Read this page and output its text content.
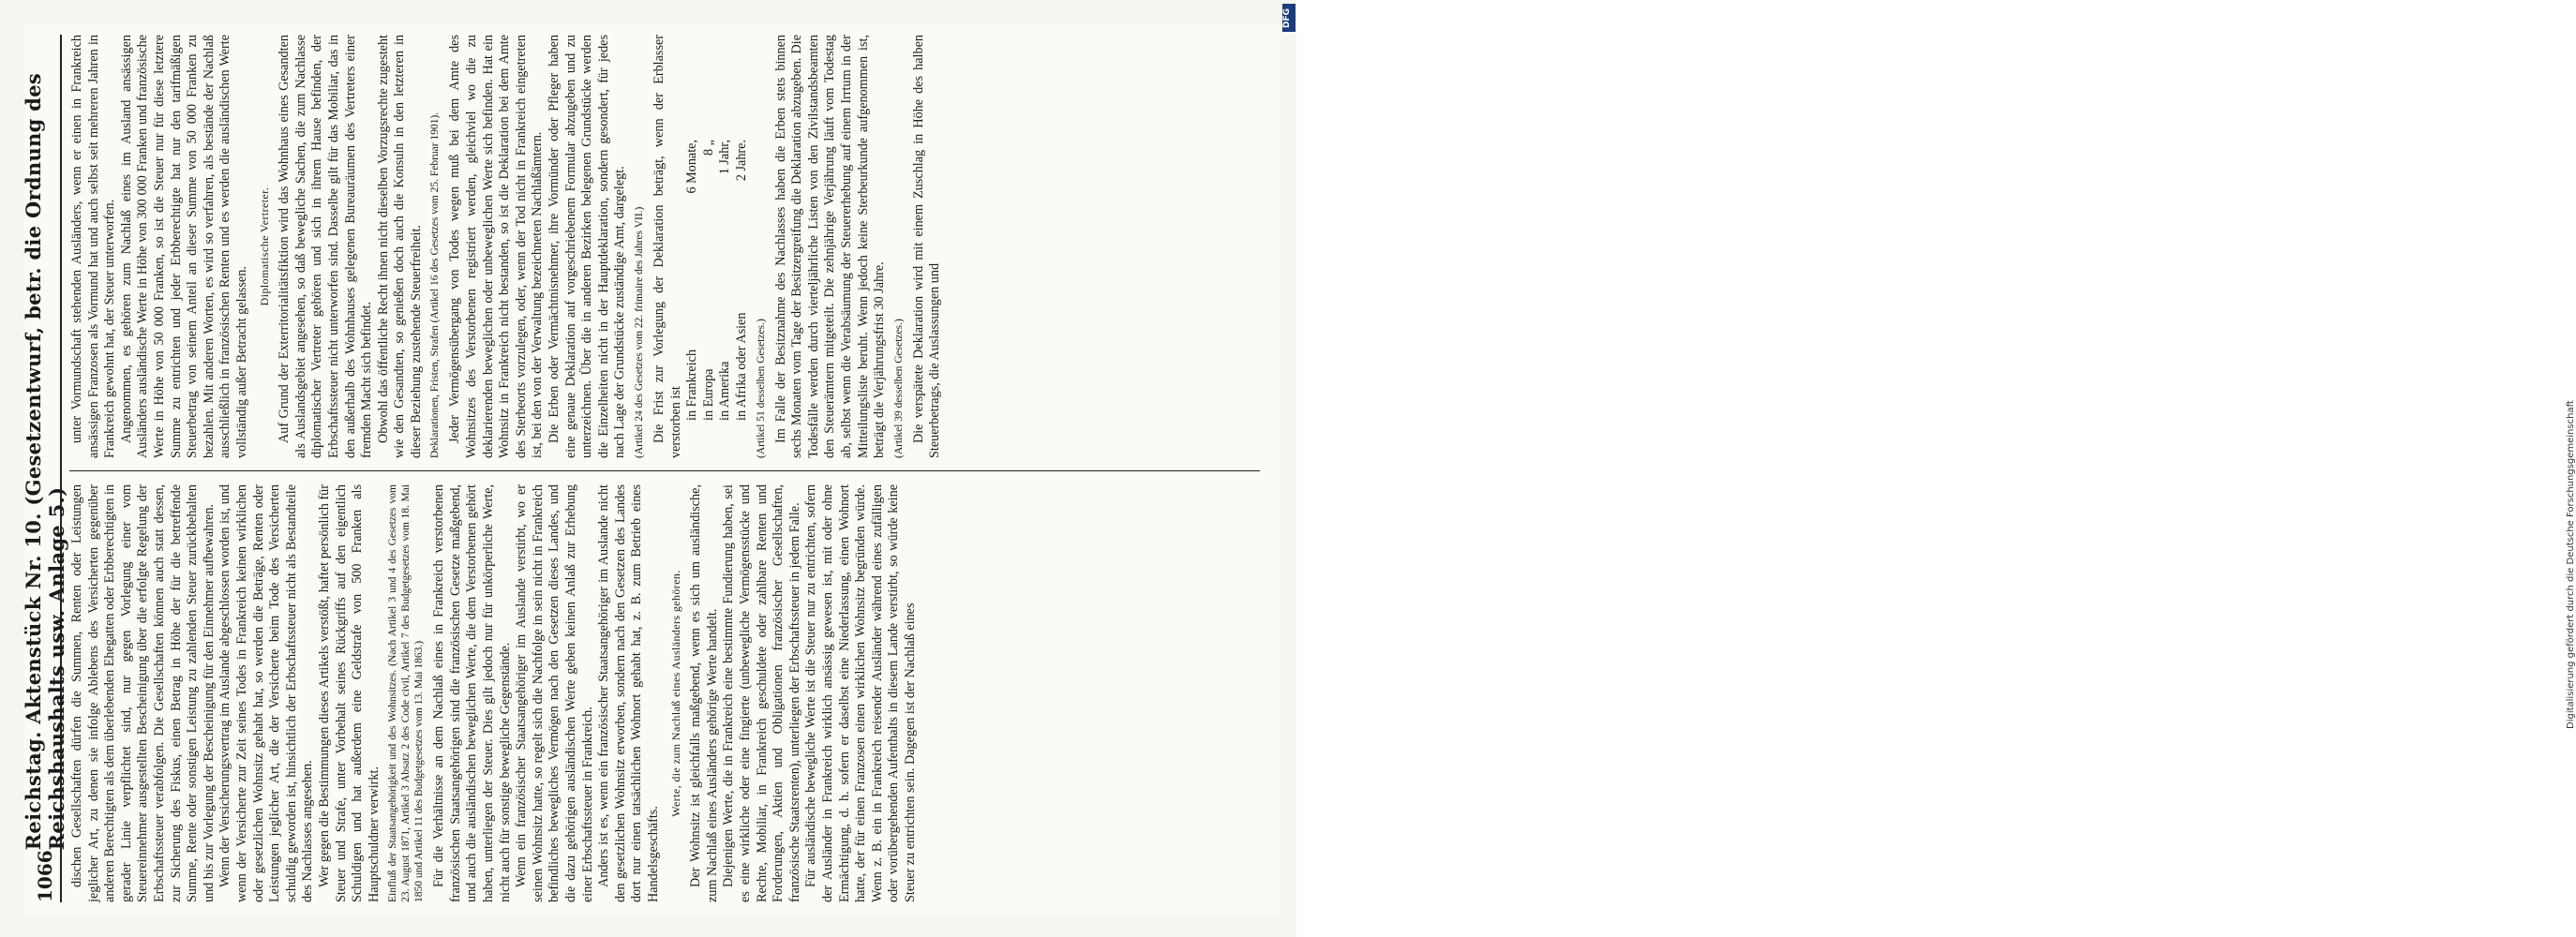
1066
Reichstag. Aktenstück Nr. 10. (Gesetzentwurf, betr. die Ordnung des Reichshaushalts usw. Anlage 5.) dischen Gesellschaften dürfen die Summen, Renten oder Leistungen jeglicher Art, zu denen sie infolge Ablebens des Versicherten gegenüber anderen Berechtigten als dem überlebenden Ehegatten oder Erbberechtigten in gerader Linie verpflichtet sind, nur gegen Vorlegung einer vom Steuereinnehmer ausgestellten Bescheinigung über die erfolgte Regelung der Erbschaftssteuer verabfolgen. Die Gesellschaften können auch statt dessen, zur Sicherung des Fiskus, einen Betrag in Höhe der für die betreffende Summe, Rente oder sonstigen Leistung zu zahlenden Steuer zurückbehalten und bis zur Vorlegung der Bescheinigung für den Einnehmer aufbewahren. Wenn der Versicherungsvertrag im Auslande abgeschlossen worden ist, und wenn der Versicherte zur Zeit seines Todes in Frankreich keinen wirklichen oder gesetzlichen Wohnsitz gehabt hat, so werden die Beträge, Renten oder Leistungen jeglicher Art, die der Versicherte beim Tode des Versicherten schuldig geworden ist, hinsichtlich der Erbschaftssteuer nicht als Bestandteile des Nachlasses angesehen. Wer gegen die Bestimmungen dieses Artikels verstößt, haftet persönlich für Steuer und Strafe, unter Vorbehalt seines Rückgriffs auf den eigentlich Schuldigen und hat außerdem eine Geldstrafe von 500 Franken als Hauptschuldner verwirkt. Einfluß der Staatsangehörigkeit und des Wohnsitzes. (Nach Artikel 3 und 4 des Gesetzes vom 23. August 1871, Artikel 3 Absatz 2 des Code civil, Artikel 7 des Budgetgesetzes vom 18. Mai 1850 und Artikel 11 des Budgetgesetzes vom 13. Mai 1863.) Für die Verhältnisse an dem Nachlaß eines in Frankreich verstorbenen französischen Staatsangehörigen sind die französischen Gesetze maßgebend, und auch die ausländischen beweglichen Werte, die dem Verstorbenen gehört haben, unterliegen der Steuer. Dies gilt jedoch nur für unkörperliche Werte, nicht auch für sonstige bewegliche Gegenstände. Wenn ein französischer Staatsangehöriger im Auslande verstirbt, wo er seinen Wohnsitz hatte, so regelt sich die Nachfolge in sein nicht in Frankreich befindliches bewegliches Vermögen nach den Gesetzen dieses Landes, und die dazu gehörigen ausländischen Werte geben keinen Anlaß zur Erhebung einer Erbschaftssteuer in Frankreich. Anders ist es, wenn ein französischer Staatsangehöriger im Auslande nicht den gesetzlichen Wohnsitz erworben, sondern nach den Gesetzen des Landes dort nur einen tatsächlichen Wohnort gehabt hat, z. B. zum Betrieb eines Handelsgeschäfts.

Werte, die zum Nachlaß eines Ausländers gehören. Der Wohnsitz ist gleichfalls maßgebend, wenn es sich um ausländische, zum Nachlaß eines Ausländers gehörige Werte handelt. Diejenigen Werte, die in Frankreich eine bestimmte Fundierung haben, sei es eine wirkliche oder eine fingierte (unbewegliche Vermögensstücke und Rechte, Mobiliar, in Frankreich geschuldete oder zahlbare Renten und Forderungen, Aktien und Obligationen französischer Gesellschaften, französische Staatsrenten), unterliegen der Erbschaftssteuer in jedem Falle. Für ausländische bewegliche Werte ist die Steuer nur zu entrichten, sofern der Ausländer in Frankreich wirklich ansässig gewesen ist, mit oder ohne Ermächtigung, d. h. sofern er daselbst eine Niederlassung, einen Wohnort hatte, der für einen Franzosen einen wirklichen Wohnsitz begründen würde. Wenn z. B. ein in Frankreich reisender Ausländer während eines zufälligen oder vorübergehenden Aufenthalts in diesem Lande verstirbt, so würde keine Steuer zu entrichten sein. Dagegen ist der Nachlaß eines

unter Vormundschaft stehenden Ausländers, wenn er einen in Frankreich ansässigen Franzosen als Vormund hat und auch selbst seit mehreren Jahren in Frankreich gewohnt hat, der Steuer unterworfen. Angenommen, es gehören zum Nachlaß eines im Ausland ansässigen Ausländers ausländische Werte in Höhe von 300 000 Franken und französische Werte in Höhe von 50 000 Franken, so ist die Steuer nur für diese letztere Summe zu entrichten und jeder Erbberechtigte hat nur den tarifmäßigen Steuerbetrag von seinem Anteil an dieser Summe von 50 000 Franken zu bezahlen. Mit anderen Worten, es wird so verfahren, als bestände der Nachlaß ausschließlich in französischen Renten und es werden die ausländischen Werte vollständig außer Betracht gelassen.

Diplomatische Vertreter. Auf Grund der Exterritorialitätsfiktion wird das Wohnhaus eines Gesandten als Auslandsgebiet angesehen, so daß bewegliche Sachen, die zum Nachlasse diplomatischer Vertreter gehören und sich in ihrem Hause befinden, der Erbschaftssteuer nicht unterworfen sind. Dasselbe gilt für das Mobiliar, das in den außerhalb des Wohnhauses gelegenen Bureauräumen des Vertreters einer fremden Macht sich befindet. Obwohl das öffentliche Recht ihnen nicht dieselben Vorzugsrechte zugesteht wie den Gesandten, so genießen doch auch die Konsuln in den letzteren in dieser Beziehung zustehende Steuerfreiheit. Deklarationen, Fristen, Strafen (Artikel 16 des Gesetzes vom 25. Februar 1901). Jeder Vermögensübergang von Todes wegen muß bei dem Amte des Wohnsitzes des Verstorbenen registriert werden, gleichviel wo die zu deklarierenden beweglichen oder unbeweglichen Werte sich befinden. Hat ein Wohnsitz in Frankreich nicht bestanden, so ist die Deklaration bei dem Amte des Sterbeorts vorzulegen, oder, wenn der Tod nicht in Frankreich eingetreten ist, bei den von der Verwaltung bezeichneten Nachlaßämtern. Die Erben oder Vermächtnisnehmer, ihre Vormünder oder Pfleger haben eine genaue Deklaration auf vorgeschriebenem Formular abzugeben und zu unterzeichnen. Über die in anderen Bezirken belegenen Grundstücke werden die Einzelheiten nicht in der Hauptdeklaration, sondern gesondert, für jedes nach Lage der Grundstücke zuständige Amt, dargelegt. (Artikel 24 des Gesetzes vom 22. frimaire des Jahres VII.) Die Frist zur Vorlegung der Deklaration beträgt, wenn der Erblasser verstorben ist

in Frankreich
6 Monate,

in Europa
8 „

in Amerika
1 Jahr,

in Afrika oder Asien
2 Jahre.

(Artikel 51 desselben Gesetzes.) Im Falle der Besitznahme des Nachlasses haben die Erben stets binnen sechs Monaten vom Tage der Besitzergreifung die Deklaration abzugeben. Die Todesfälle werden durch vierteljährliche Listen von den Zivilstandsbeamten den Steuerämtern mitgeteilt. Die zehnjährige Verjährung läuft vom Todestag ab, selbst wenn die Verabsäumung der Steuererhebung auf einem Irrtum in der Mitteilungsliste beruht. Wenn jedoch keine Sterbeurkunde aufgenommen ist, beträgt die Verjährungsfrist 30 Jahre. (Artikel 39 desselben Gesetzes.) Die verspätete Deklaration wird mit einem Zuschlag in Höhe des halben Steuerbetrags, die Auslassungen und

DFG
Digitalisierung gefördert durch die Deutsche Forschungsgemeinschaft
